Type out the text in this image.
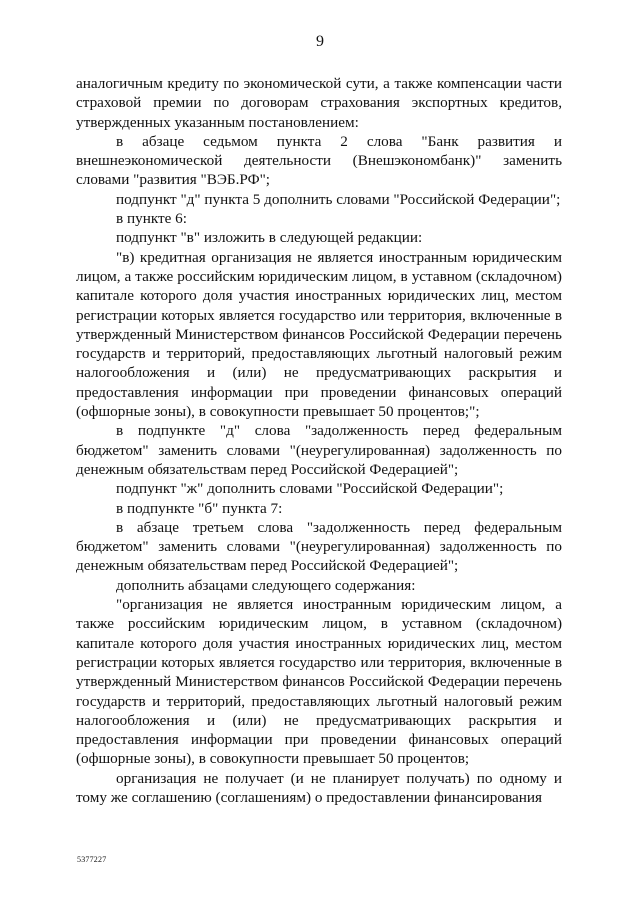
9

аналогичным кредиту по экономической сути, а также компенсации части страховой премии по договорам страхования экспортных кредитов, утвержденных указанным постановлением:

в абзаце седьмом пункта 2 слова "Банк развития и внешнеэкономической деятельности (Внешэкономбанк)" заменить словами "развития "ВЭБ.РФ";

подпункт "д" пункта 5 дополнить словами "Российской Федерации";

в пункте 6:

подпункт "в" изложить в следующей редакции:

"в) кредитная организация не является иностранным юридическим лицом, а также российским юридическим лицом, в уставном (складочном) капитале которого доля участия иностранных юридических лиц, местом регистрации которых является государство или территория, включенные в утвержденный Министерством финансов Российской Федерации перечень государств и территорий, предоставляющих льготный налоговый режим налогообложения и (или) не предусматривающих раскрытия и предоставления информации при проведении финансовых операций (офшорные зоны), в совокупности превышает 50 процентов;";

в подпункте "д" слова "задолженность перед федеральным бюджетом" заменить словами "(неурегулированная) задолженность по денежным обязательствам перед Российской Федерацией";

подпункт "ж" дополнить словами "Российской Федерации";

в подпункте "б" пункта 7:

в абзаце третьем слова "задолженность перед федеральным бюджетом" заменить словами "(неурегулированная) задолженность по денежным обязательствам перед Российской Федерацией";

дополнить абзацами следующего содержания:

"организация не является иностранным юридическим лицом, а также российским юридическим лицом, в уставном (складочном) капитале которого доля участия иностранных юридических лиц, местом регистрации которых является государство или территория, включенные в утвержденный Министерством финансов Российской Федерации перечень государств и территорий, предоставляющих льготный налоговый режим налогообложения и (или) не предусматривающих раскрытия и предоставления информации при проведении финансовых операций (офшорные зоны), в совокупности превышает 50 процентов;

организация не получает (и не планирует получать) по одному и тому же соглашению (соглашениям) о предоставлении финансирования

5377227
